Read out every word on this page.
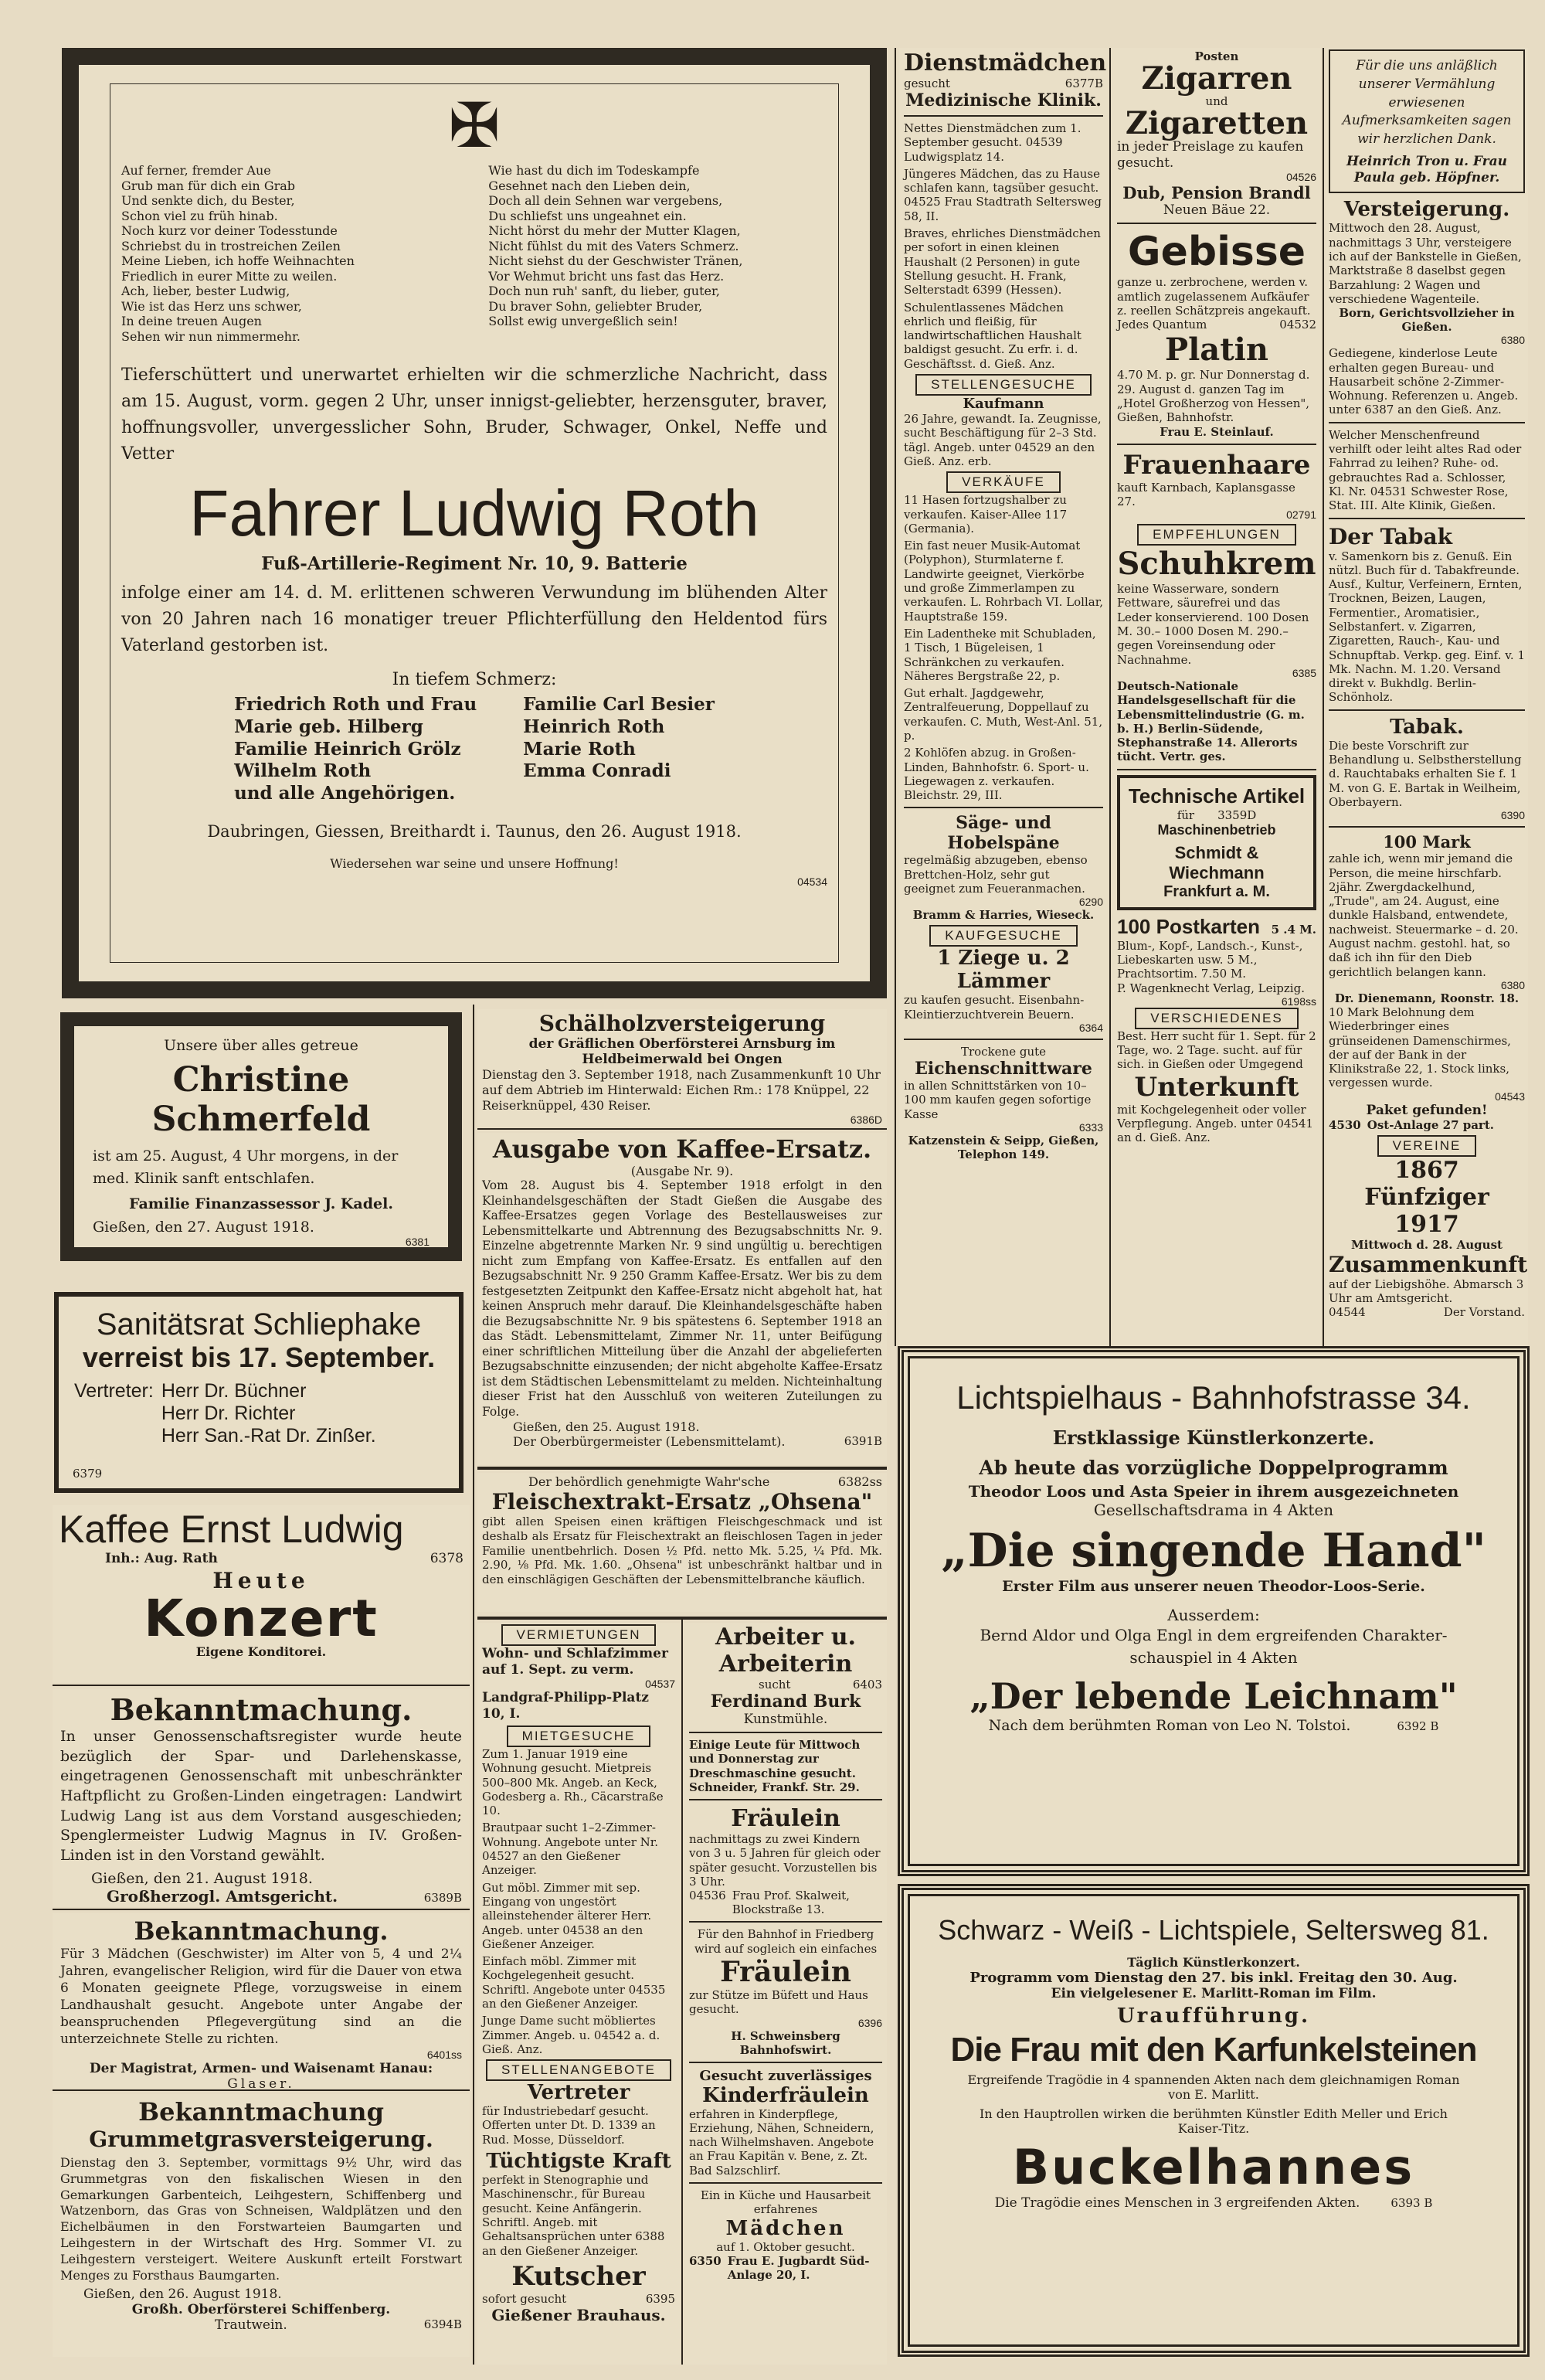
✠

Auf ferner, fremder Aue
Grub man für dich ein Grab
Und senkte dich, du Bester,
Schon viel zu früh hinab.
Noch kurz vor deiner Todesstunde
Schriebst du in trostreichen Zeilen
Meine Lieben, ich hoffe Weihnachten
Friedlich in eurer Mitte zu weilen.
Ach, lieber, bester Ludwig,
Wie ist das Herz uns schwer,
In deine treuen Augen
Sehen wir nun nimmermehr.

Wie hast du dich im Todeskampfe
Gesehnet nach den Lieben dein,
Doch all dein Sehnen war vergebens,
Du schliefst uns ungeahnet ein.
Nicht hörst du mehr der Mutter Klagen,
Nicht fühlst du mit des Vaters Schmerz.
Nicht siehst du der Geschwister Tränen,
Vor Wehmut bricht uns fast das Herz.
Doch nun ruh' sanft, du lieber, guter,
Du braver Sohn, geliebter Bruder,
Sollst ewig unvergeßlich sein!

Tieferschüttert und unerwartet erhielten wir die schmerzliche Nachricht, dass am 15. August, vorm. gegen 2 Uhr, unser innigst-geliebter, herzensguter, braver, hoffnungsvoller, unvergesslicher Sohn, Bruder, Schwager, Onkel, Neffe und Vetter

Fahrer Ludwig Roth
Fuß-Artillerie-Regiment Nr. 10, 9. Batterie

infolge einer am 14. d. M. erlittenen schweren Verwundung im blühenden Alter von 20 Jahren nach 16 monatiger treuer Pflichterfüllung den Heldentod fürs Vaterland gestorben ist.

In tiefem Schmerz:
Friedrich Roth und Frau
Marie geb. Hilberg
Familie Heinrich Grölz
Wilhelm Roth
und alle Angehörigen.
Familie Carl Besier
Heinrich Roth
Marie Roth
Emma Conradi
Daubringen, Giessen, Breithardt i. Taunus, den 26. August 1918.
Wiedersehen war seine und unsere Hoffnung!
04534
Unsere über alles getreue
Christine Schmerfeld

ist am 25. August, 4 Uhr morgens, in der med. Klinik sanft entschlafen.

Familie Finanzassessor J. Kadel.
Gießen, den 27. August 1918.
6381
Sanitätsrat Schliephake
verreist bis 17. September.
Vertreter: Herr Dr. Büchner
Herr Dr. Richter
Herr San.-Rat Dr. Zinßer.
6379
Kaffee Ernst Ludwig
Inh.: Aug. Rath	6378
Heute
Konzert
Eigene Konditorei.
Bekanntmachung.

In unser Genossenschaftsregister wurde heute bezüglich der Spar- und Darlehenskasse, eingetragenen Genossenschaft mit unbeschränkter Haftpflicht zu Großen-Linden eingetragen: Landwirt Ludwig Lang ist aus dem Vorstand ausgeschieden; Spenglermeister Ludwig Magnus in IV. Großen-Linden ist in den Vorstand gewählt.

Gießen, den 21. August 1918.
Großherzogl. Amtsgericht.	6389B
Bekanntmachung.

Für 3 Mädchen (Geschwister) im Alter von 5, 4 und 2¼ Jahren, evangelischer Religion, wird für die Dauer von etwa 6 Monaten geeignete Pflege, vorzugsweise in einem Landhaushalt gesucht. Angebote unter Angabe der beanspruchenden Pflegevergütung sind an die unterzeichnete Stelle zu richten.

6401ss
Der Magistrat, Armen- und Waisenamt Hanau:
Glaser.
Bekanntmachung
Grummetgrasversteigerung.

Dienstag den 3. September, vormittags 9½ Uhr, wird das Grummetgras von den fiskalischen Wiesen in den Gemarkungen Garbenteich, Leihgestern, Schiffenberg und Watzenborn, das Gras von Schneisen, Waldplätzen und den Eichelbäumen in den Forstwarteien Baumgarten und Leihgestern in der Wirtschaft des Hrg. Sommer VI. zu Leihgestern versteigert. Weitere Auskunft erteilt Forstwart Menges zu Forsthaus Baumgarten.

Gießen, den 26. August 1918.
Großh. Oberförsterei Schiffenberg.
Trautwein.	6394B
Schälholzversteigerung
der Gräflichen Oberförsterei Arnsburg im Heldbeimerwald bei Ongen

Dienstag den 3. September 1918, nach Zusammenkunft 10 Uhr auf dem Abtrieb im Hinterwald: Eichen Rm.: 178 Knüppel, 22 Reiserknüppel, 430 Reiser.

6386D
Ausgabe von Kaffee-Ersatz.
(Ausgabe Nr. 9).

Vom 28. August bis 4. September 1918 erfolgt in den Kleinhandelsgeschäften der Stadt Gießen die Ausgabe des Kaffee-Ersatzes gegen Vorlage des Bestellausweises zur Lebensmittelkarte und Abtrennung des Bezugsabschnitts Nr. 9. Einzelne abgetrennte Marken Nr. 9 sind ungültig u. berechtigen nicht zum Empfang von Kaffee-Ersatz. Es entfallen auf den Bezugsabschnitt Nr. 9 250 Gramm Kaffee-Ersatz. Wer bis zu dem festgesetzten Zeitpunkt den Kaffee-Ersatz nicht abgeholt hat, hat keinen Anspruch mehr darauf. Die Kleinhandelsgeschäfte haben die Bezugsabschnitte Nr. 9 bis spätestens 6. September 1918 an das Städt. Lebensmittelamt, Zimmer Nr. 11, unter Beifügung einer schriftlichen Mitteilung über die Anzahl der abgelieferten Bezugsabschnitte einzusenden; der nicht abgeholte Kaffee-Ersatz ist dem Städtischen Lebensmittelamt zu melden. Nichteinhaltung dieser Frist hat den Ausschluß von weiteren Zuteilungen zu Folge.

Gießen, den 25. August 1918.
Der Oberbürgermeister (Lebensmittelamt).	6391B
Der behördlich genehmigte Wahr'sche	6382ss
Fleischextrakt-Ersatz „Ohsena"

gibt allen Speisen einen kräftigen Fleischgeschmack und ist deshalb als Ersatz für Fleischextrakt an fleischlosen Tagen in jeder Familie unentbehrlich. Dosen ½ Pfd. netto Mk. 5.25, ¼ Pfd. Mk. 2.90, ⅛ Pfd. Mk. 1.60. „Ohsena" ist unbeschränkt haltbar und in den einschlägigen Geschäften der Lebensmittelbranche käuflich.

VERMIETUNGEN

Wohn- und Schlafzimmer auf 1. Sept. zu verm.

04537

Landgraf-Philipp-Platz 10, I.

MIETGESUCHE

Zum 1. Januar 1919 eine Wohnung gesucht. Mietpreis 500–800 Mk. Angeb. an Keck, Godesberg a. Rh., Cäcarstraße 10.

Brautpaar sucht 1–2-Zimmer-Wohnung. Angebote unter Nr. 04527 an den Gießener Anzeiger.

Gut möbl. Zimmer mit sep. Eingang von ungestört alleinstehender älterer Herr. Angeb. unter 04538 an den Gießener Anzeiger.

Einfach möbl. Zimmer mit Kochgelegenheit gesucht. Schriftl. Angebote unter 04535 an den Gießener Anzeiger.

Junge Dame sucht möbliertes Zimmer. Angeb. u. 04542 a. d. Gieß. Anz.

STELLENANGEBOTE
Vertreter

für Industriebedarf gesucht. Offerten unter Dt. D. 1339 an Rud. Mosse, Düsseldorf.

Tüchtigste Kraft

perfekt in Stenographie und Maschinenschr., für Bureau gesucht. Keine Anfängerin. Schriftl. Angeb. mit Gehaltsansprüchen unter 6388 an den Gießener Anzeiger.

Kutscher
sofort gesucht	6395
Gießener Brauhaus.
Arbeiter u. Arbeiterin
sucht	6403
Ferdinand Burk
Kunstmühle.

Einige Leute für Mittwoch und Donnerstag zur Dreschmaschine gesucht. Schneider, Frankf. Str. 29.

Fräulein

nachmittags zu zwei Kindern von 3 u. 5 Jahren für gleich oder später gesucht. Vorzustellen bis 3 Uhr.

04536 Frau Prof. Skalweit, Blockstraße 13.

Für den Bahnhof in Friedberg wird auf sogleich ein einfaches

Fräulein

zur Stütze im Büfett und Haus gesucht.

6396
H. Schweinsberg Bahnhofswirt.
Gesucht zuverlässiges
Kinderfräulein

erfahren in Kinderpflege, Erziehung, Nähen, Schneidern, nach Wilhelmshaven. Angebote an Frau Kapitän v. Bene, z. Zt. Bad Salzschlirf.

Ein in Küche und Hausarbeit erfahrenes

Mädchen

auf 1. Oktober gesucht.

6350 Frau E. Jugbardt Süd-Anlage 20, I.
Dienstmädchen
gesucht	6377B
Medizinische Klinik.

Nettes Dienstmädchen zum 1. September gesucht. 04539 Ludwigsplatz 14.

Jüngeres Mädchen, das zu Hause schlafen kann, tagsüber gesucht. 04525 Frau Stadtrath Seltersweg 58, II.

Braves, ehrliches Dienstmädchen per sofort in einen kleinen Haushalt (2 Personen) in gute Stellung gesucht. H. Frank, Selterstadt 6399 (Hessen).

Schulentlassenes Mädchen ehrlich und fleißig, für landwirtschaftlichen Haushalt baldigst gesucht. Zu erfr. i. d. Geschäftsst. d. Gieß. Anz.

STELLENGESUCHE
Kaufmann

26 Jahre, gewandt. Ia. Zeugnisse, sucht Beschäftigung für 2–3 Std. tägl. Angeb. unter 04529 an den Gieß. Anz. erb.

VERKÄUFE

11 Hasen fortzugshalber zu verkaufen. Kaiser-Allee 117 (Germania).

Ein fast neuer Musik-Automat (Polyphon), Sturmlaterne f. Landwirte geeignet, Vierkörbe und große Zimmerlampen zu verkaufen. L. Rohrbach VI. Lollar, Hauptstraße 159.

Ein Ladentheke mit Schubladen, 1 Tisch, 1 Bügeleisen, 1 Schränkchen zu verkaufen. Näheres Bergstraße 22, p.

Gut erhalt. Jagdgewehr, Zentralfeuerung, Doppellauf zu verkaufen. C. Muth, West-Anl. 51, p.

2 Kohlöfen abzug. in Großen-Linden, Bahnhofstr. 6. Sport- u. Liegewagen z. verkaufen. Bleichstr. 29, III.

Säge- und Hobelspäne

regelmäßig abzugeben, ebenso Brettchen-Holz, sehr gut geeignet zum Feueranmachen.

6290
Bramm & Harries, Wieseck.
KAUFGESUCHE
1 Ziege u. 2 Lämmer

zu kaufen gesucht. Eisenbahn-Kleintierzuchtverein Beuern.

6364
Trockene gute
Eichenschnittware

in allen Schnittstärken von 10–100 mm kaufen gegen sofortige Kasse

6333
Katzenstein & Seipp, Gießen, Telephon 149.
Posten
Zigarren
und
Zigaretten

in jeder Preislage zu kaufen gesucht.

04526
Dub, Pension Brandl
Neuen Bäue 22.
Gebisse

ganze u. zerbrochene, werden v. amtlich zugelassenem Aufkäufer z. reellen Schätzpreis angekauft.

Jedes Quantum	04532
Platin

4.70 M. p. gr. Nur Donnerstag d. 29. August d. ganzen Tag im „Hotel Großherzog von Hessen", Gießen, Bahnhofstr.

Frau E. Steinlauf.
Frauenhaare

kauft Karnbach, Kaplansgasse 27.

02791
EMPFEHLUNGEN
Schuhkrem

keine Wasserware, sondern Fettware, säurefrei und das Leder konservierend. 100 Dosen M. 30.– 1000 Dosen M. 290.– gegen Voreinsendung oder Nachnahme.

6385

Deutsch-Nationale Handelsgesellschaft für die Lebensmittelindustrie (G. m. b. H.) Berlin-Südende, Stephanstraße 14. Allerorts tücht. Vertr. ges.

Technische Artikel
für 3359D
Maschinenbetrieb
Schmidt & Wiechmann
Frankfurt a. M.
100 Postkarten 5 .4 M.

Blum-, Kopf-, Landsch.-, Kunst-, Liebeskarten usw. 5 M., Prachtsortim. 7.50 M.

P. Wagenknecht Verlag, Leipzig.

6198ss
VERSCHIEDENES

Best. Herr sucht für 1. Sept. für 2 Tage, wo. 2 Tage. sucht. auf für sich. in Gießen oder Umgegend

Unterkunft

mit Kochgelegenheit oder voller Verpflegung. Angeb. unter 04541 an d. Gieß. Anz.

Für die uns anläßlich unserer Vermählung erwiesenen Aufmerksamkeiten sagen wir herzlichen Dank.

Heinrich Tron u. Frau Paula geb. Höpfner.

Versteigerung.

Mittwoch den 28. August, nachmittags 3 Uhr, versteigere ich auf der Bankstelle in Gießen, Marktstraße 8 daselbst gegen Barzahlung: 2 Wagen und verschiedene Wagenteile.

Born, Gerichtsvollzieher in Gießen.
6380

Gediegene, kinderlose Leute erhalten gegen Bureau- und Hausarbeit schöne 2-Zimmer-Wohnung. Referenzen u. Angeb. unter 6387 an den Gieß. Anz.

Welcher Menschenfreund verhilft oder leiht altes Rad oder Fahrrad zu leihen? Ruhe- od. gebrauchtes Rad a. Schlosser, Kl. Nr. 04531 Schwester Rose, Stat. III. Alte Klinik, Gießen.

Der Tabak

v. Samenkorn bis z. Genuß. Ein nützl. Buch für d. Tabakfreunde. Ausf., Kultur, Verfeinern, Ernten, Trocknen, Beizen, Laugen, Fermentier., Aromatisier., Selbstanfert. v. Zigarren, Zigaretten, Rauch-, Kau- und Schnupftab. Verkp. geg. Einf. v. 1 Mk. Nachn. M. 1.20. Versand direkt v. Bukhdlg. Berlin-Schönholz.

Tabak.

Die beste Vorschrift zur Behandlung u. Selbstherstellung d. Rauchtabaks erhalten Sie f. 1 M. von G. E. Bartak in Weilheim, Oberbayern.

6390
100 Mark

zahle ich, wenn mir jemand die Person, die meine hirschfarb. 2jähr. Zwergdackelhund, „Trude", am 24. August, eine dunkle Halsband, entwendete, nachweist. Steuermarke – d. 20. August nachm. gestohl. hat, so daß ich ihn für den Dieb gerichtlich belangen kann.

6380
Dr. Dienemann, Roonstr. 18.

10 Mark Belohnung dem Wiederbringer eines grünseidenen Damenschirmes, der auf der Bank in der Klinikstraße 22, 1. Stock links, vergessen wurde.

04543
Paket gefunden!
4530 Ost-Anlage 27 part.
VEREINE
1867 Fünfziger 1917
Mittwoch d. 28. August
Zusammenkunft

auf der Liebigshöhe. Abmarsch 3 Uhr am Amtsgericht.

04544	Der Vorstand.
Lichtspielhaus - Bahnhofstrasse 34.
Erstklassige Künstlerkonzerte.
Ab heute das vorzügliche Doppelprogramm
Theodor Loos und Asta Speier in ihrem ausgezeichneten
Gesellschaftsdrama in 4 Akten
„Die singende Hand"
Erster Film aus unserer neuen Theodor-Loos-Serie.
Ausserdem:
Bernd Aldor und Olga Engl in dem ergreifenden Charakter-schauspiel in 4 Akten
„Der lebende Leichnam"
Nach dem berühmten Roman von Leo N. Tolstoi.	6392 B
Schwarz - Weiß - Lichtspiele, Seltersweg 81.
Täglich Künstlerkonzert.
Programm vom Dienstag den 27. bis inkl. Freitag den 30. Aug.
Ein vielgelesener E. Marlitt-Roman im Film.
Uraufführung.
Die Frau mit den Karfunkelsteinen
Ergreifende Tragödie in 4 spannenden Akten nach dem gleichnamigen Roman von E. Marlitt.
In den Hauptrollen wirken die berühmten Künstler Edith Meller und Erich Kaiser-Titz.
Buckelhannes
Die Tragödie eines Menschen in 3 ergreifenden Akten.	6393 B
